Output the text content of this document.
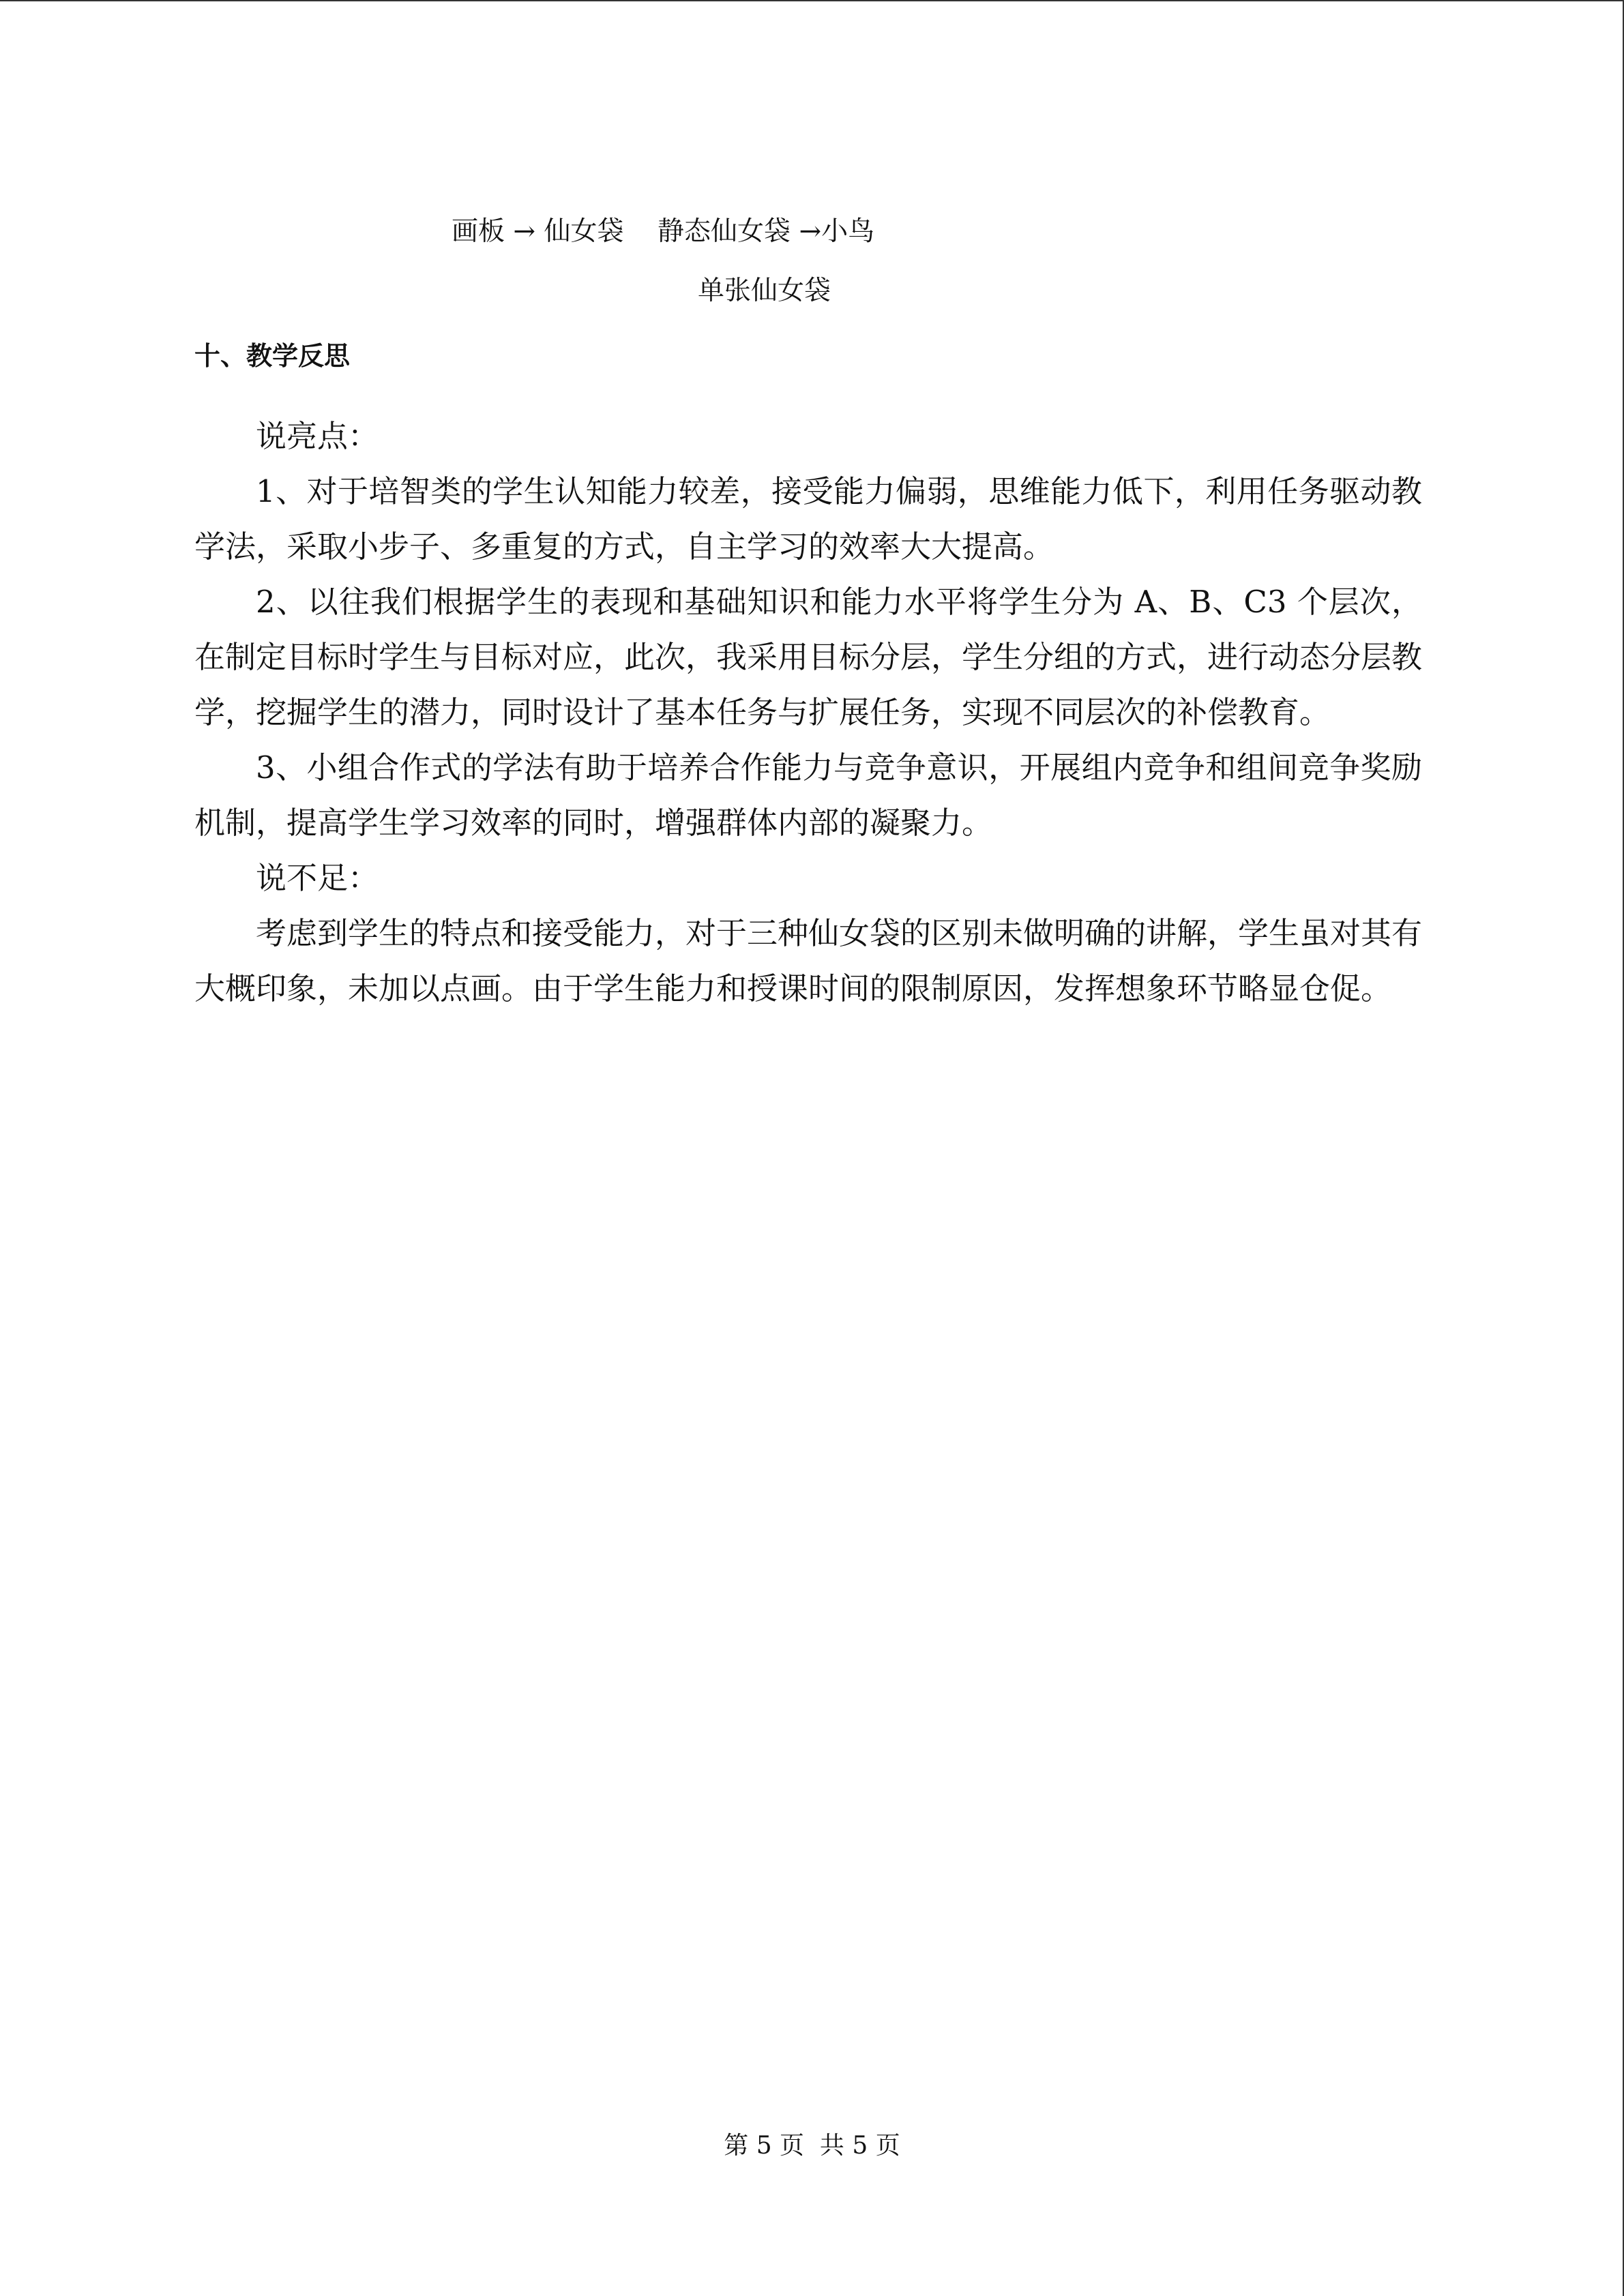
画板 → 仙女袋    静态仙女袋 →小鸟
单张仙女袋
十、教学反思

说亮点：

1、对于培智类的学生认知能力较差，接受能力偏弱，思维能力低下，利用任务驱动教学法，采取小步子、多重复的方式，自主学习的效率大大提高。

2、以往我们根据学生的表现和基础知识和能力水平将学生分为 A、B、C3 个层次，在制定目标时学生与目标对应，此次，我采用目标分层，学生分组的方式，进行动态分层教学，挖掘学生的潜力，同时设计了基本任务与扩展任务，实现不同层次的补偿教育。

3、小组合作式的学法有助于培养合作能力与竞争意识，开展组内竞争和组间竞争奖励机制，提高学生学习效率的同时，增强群体内部的凝聚力。

说不足：

考虑到学生的特点和接受能力，对于三种仙女袋的区别未做明确的讲解，学生虽对其有大概印象，未加以点画。由于学生能力和授课时间的限制原因，发挥想象环节略显仓促。

第 5 页  共 5 页
